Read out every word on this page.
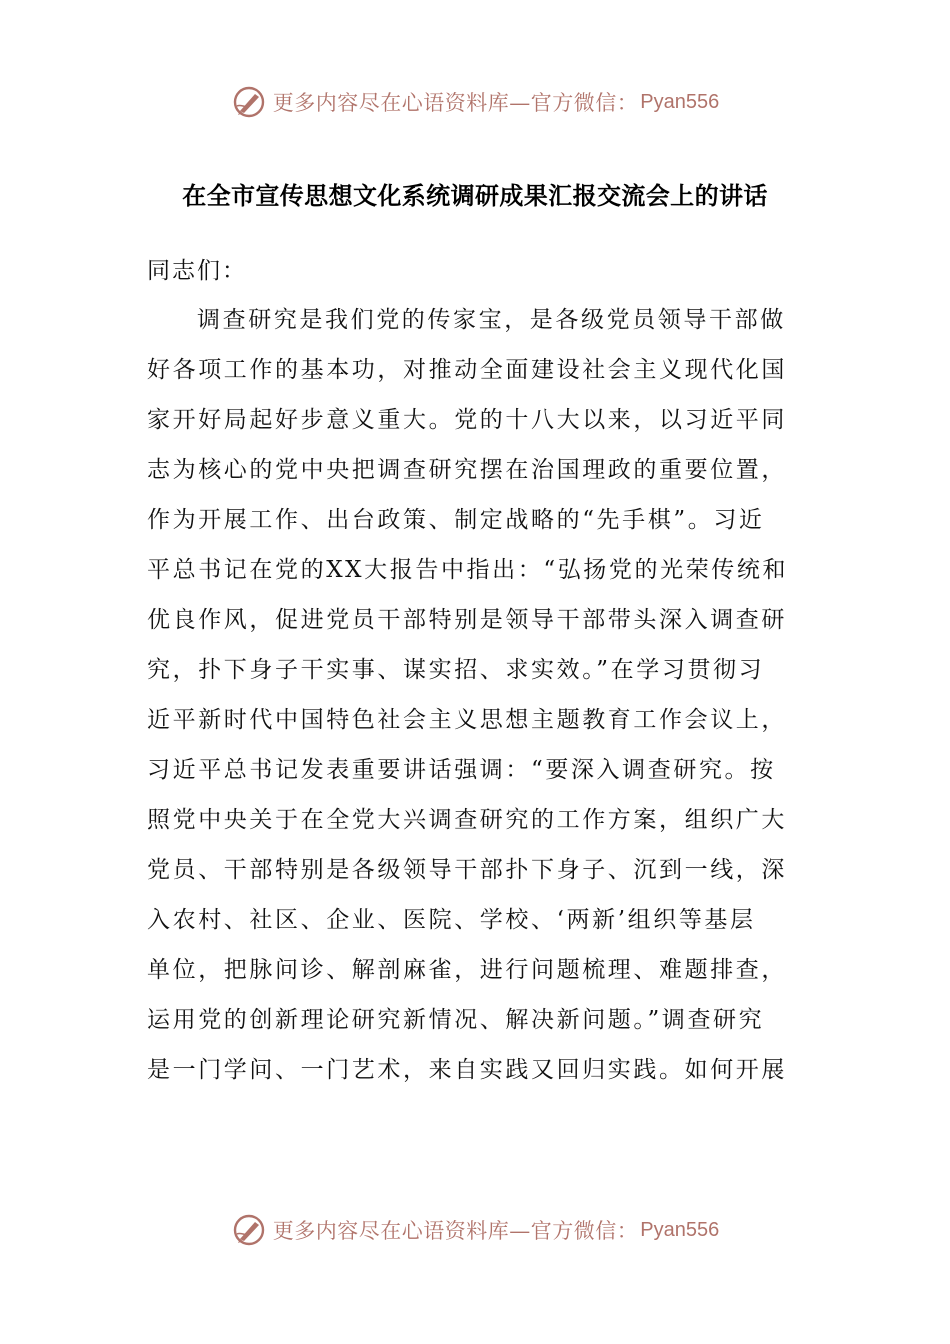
更多内容尽在心语资料库—官方微信： Pyan556
在全市宣传思想文化系统调研成果汇报交流会上的讲话
同志们：
调查研究是我们党的传家宝，是各级党员领导干部做
好各项工作的基本功，对推动全面建设社会主义现代化国
家开好局起好步意义重大。党的十八大以来，以习近平同
志为核心的党中央把调查研究摆在治国理政的重要位置，
作为开展工作、出台政策、制定战略的“先手棋”。习近
平总书记在党的XX大报告中指出：“弘扬党的光荣传统和
优良作风，促进党员干部特别是领导干部带头深入调查研
究，扑下身子干实事、谋实招、求实效。”在学习贯彻习
近平新时代中国特色社会主义思想主题教育工作会议上，
习近平总书记发表重要讲话强调：“要深入调查研究。按
照党中央关于在全党大兴调查研究的工作方案，组织广大
党员、干部特别是各级领导干部扑下身子、沉到一线，深
入农村、社区、企业、医院、学校、‘两新’组织等基层
单位，把脉问诊、解剖麻雀，进行问题梳理、难题排查，
运用党的创新理论研究新情况、解决新问题。”调查研究
是一门学问、一门艺术，来自实践又回归实践。如何开展
更多内容尽在心语资料库—官方微信： Pyan556
